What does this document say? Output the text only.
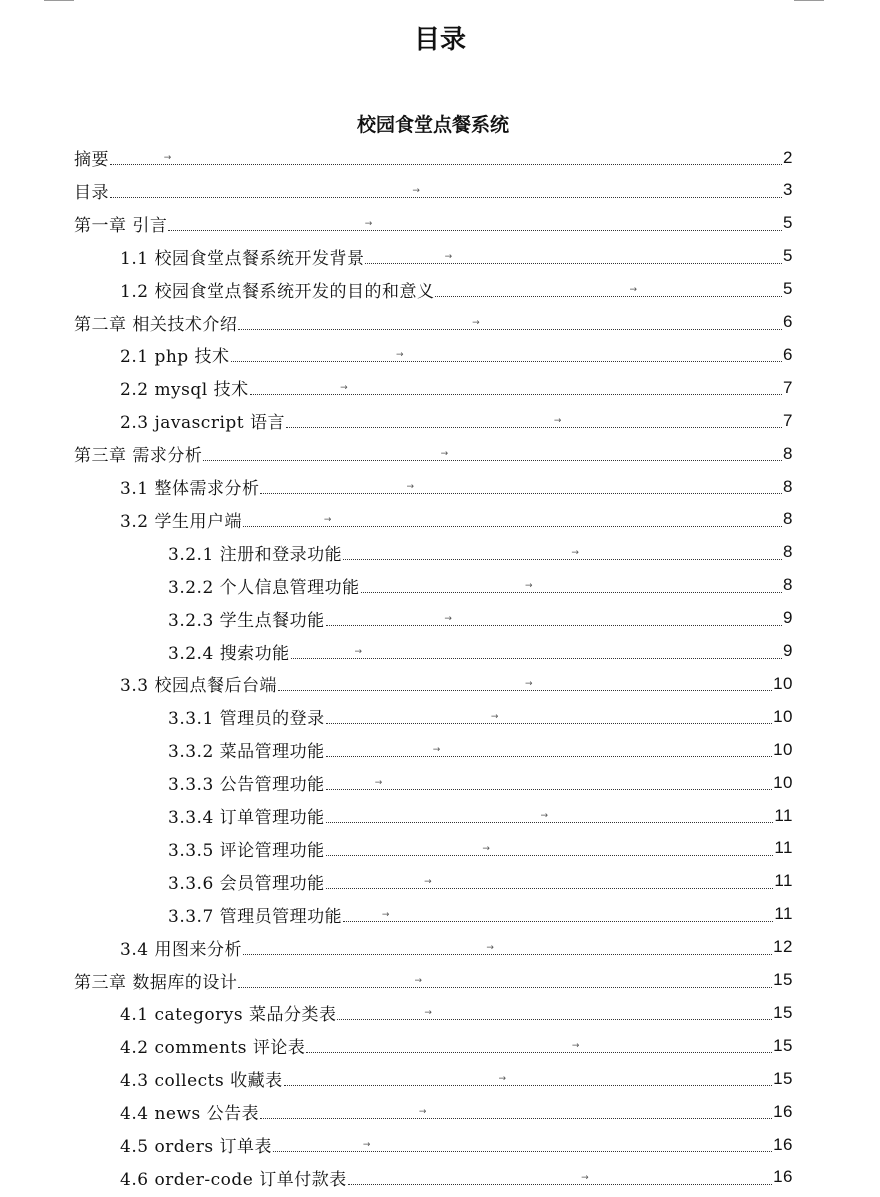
目录
校园食堂点餐系统
摘要	→	2
目录	→	3
第一章 引言	→	5
1.1 校园食堂点餐系统开发背景	→	5
1.2 校园食堂点餐系统开发的目的和意义	→	5
第二章 相关技术介绍	→	6
2.1 php 技术	→	6
2.2 mysql 技术	→	7
2.3 javascript 语言	→	7
第三章 需求分析	→	8
3.1 整体需求分析	→	8
3.2 学生用户端	→	8
3.2.1 注册和登录功能	→	8
3.2.2 个人信息管理功能	→	8
3.2.3 学生点餐功能	→	9
3.2.4 搜索功能	→	9
3.3 校园点餐后台端	→	10
3.3.1 管理员的登录	→	10
3.3.2 菜品管理功能	→	10
3.3.3 公告管理功能	→	10
3.3.4 订单管理功能	→	11
3.3.5 评论管理功能	→	11
3.3.6 会员管理功能	→	11
3.3.7 管理员管理功能	→	11
3.4 用图来分析	→	12
第三章 数据库的设计	→	15
4.1 categorys 菜品分类表	→	15
4.2 comments 评论表	→	15
4.3 collects 收藏表	→	15
4.4 news 公告表	→	16
4.5 orders 订单表	→	16
4.6 order-code 订单付款表	→	16
